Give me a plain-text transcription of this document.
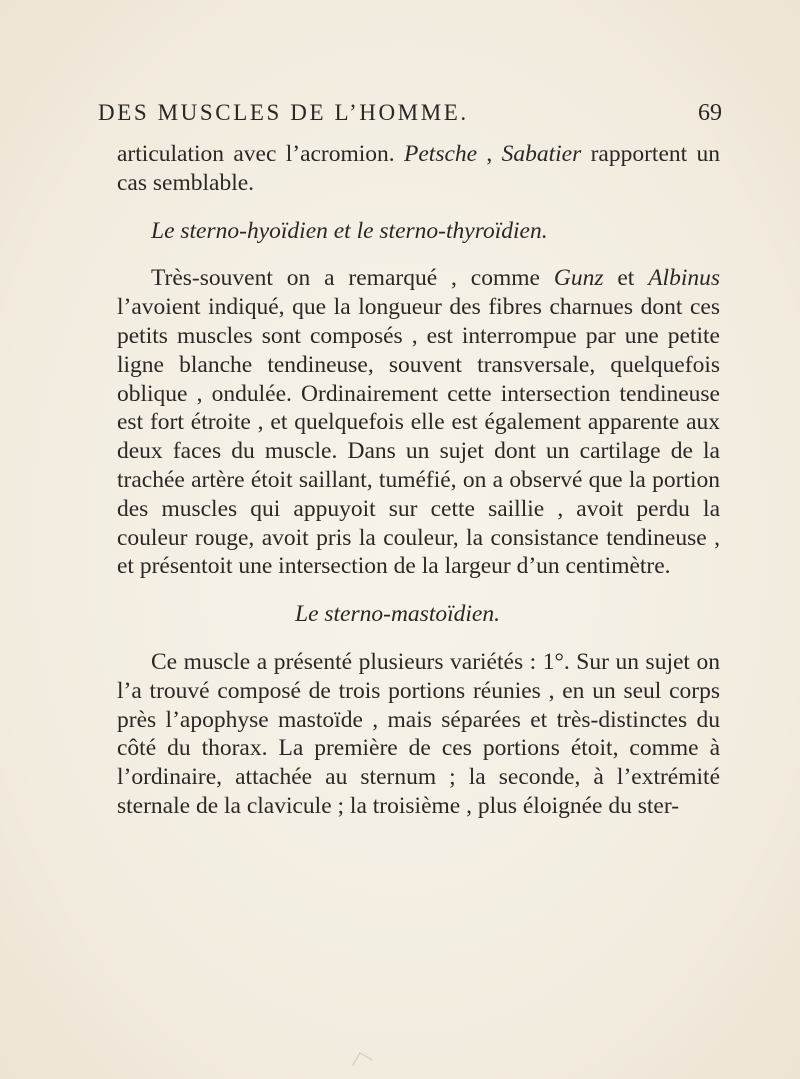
DES MUSCLES DE L’HOMME.	69

articulation avec l’acromion. Petsche , Sabatier rapportent un cas semblable.

Le sterno-hyoïdien et le sterno-thyroïdien.

Très-souvent on a remarqué , comme Gunz et Albinus l’avoient indiqué, que la longueur des fibres charnues dont ces petits muscles sont composés , est interrompue par une petite ligne blanche tendineuse, souvent transversale, quelquefois oblique , ondulée. Ordinairement cette intersection tendineuse est fort étroite , et quelquefois elle est également apparente aux deux faces du muscle. Dans un sujet dont un cartilage de la trachée artère étoit saillant, tuméfié, on a observé que la portion des muscles qui appuyoit sur cette saillie , avoit perdu la couleur rouge, avoit pris la couleur, la consistance tendineuse , et présentoit une intersection de la largeur d’un centimètre.

Le sterno-mastoïdien.

Ce muscle a présenté plusieurs variétés : 1°. Sur un sujet on l’a trouvé composé de trois portions réunies , en un seul corps près l’apophyse mastoïde , mais séparées et très-distinctes du côté du thorax. La première de ces portions étoit, comme à l’ordinaire, attachée au sternum ; la seconde, à l’extrémité sternale de la clavicule ; la troisième , plus éloignée du ster-
